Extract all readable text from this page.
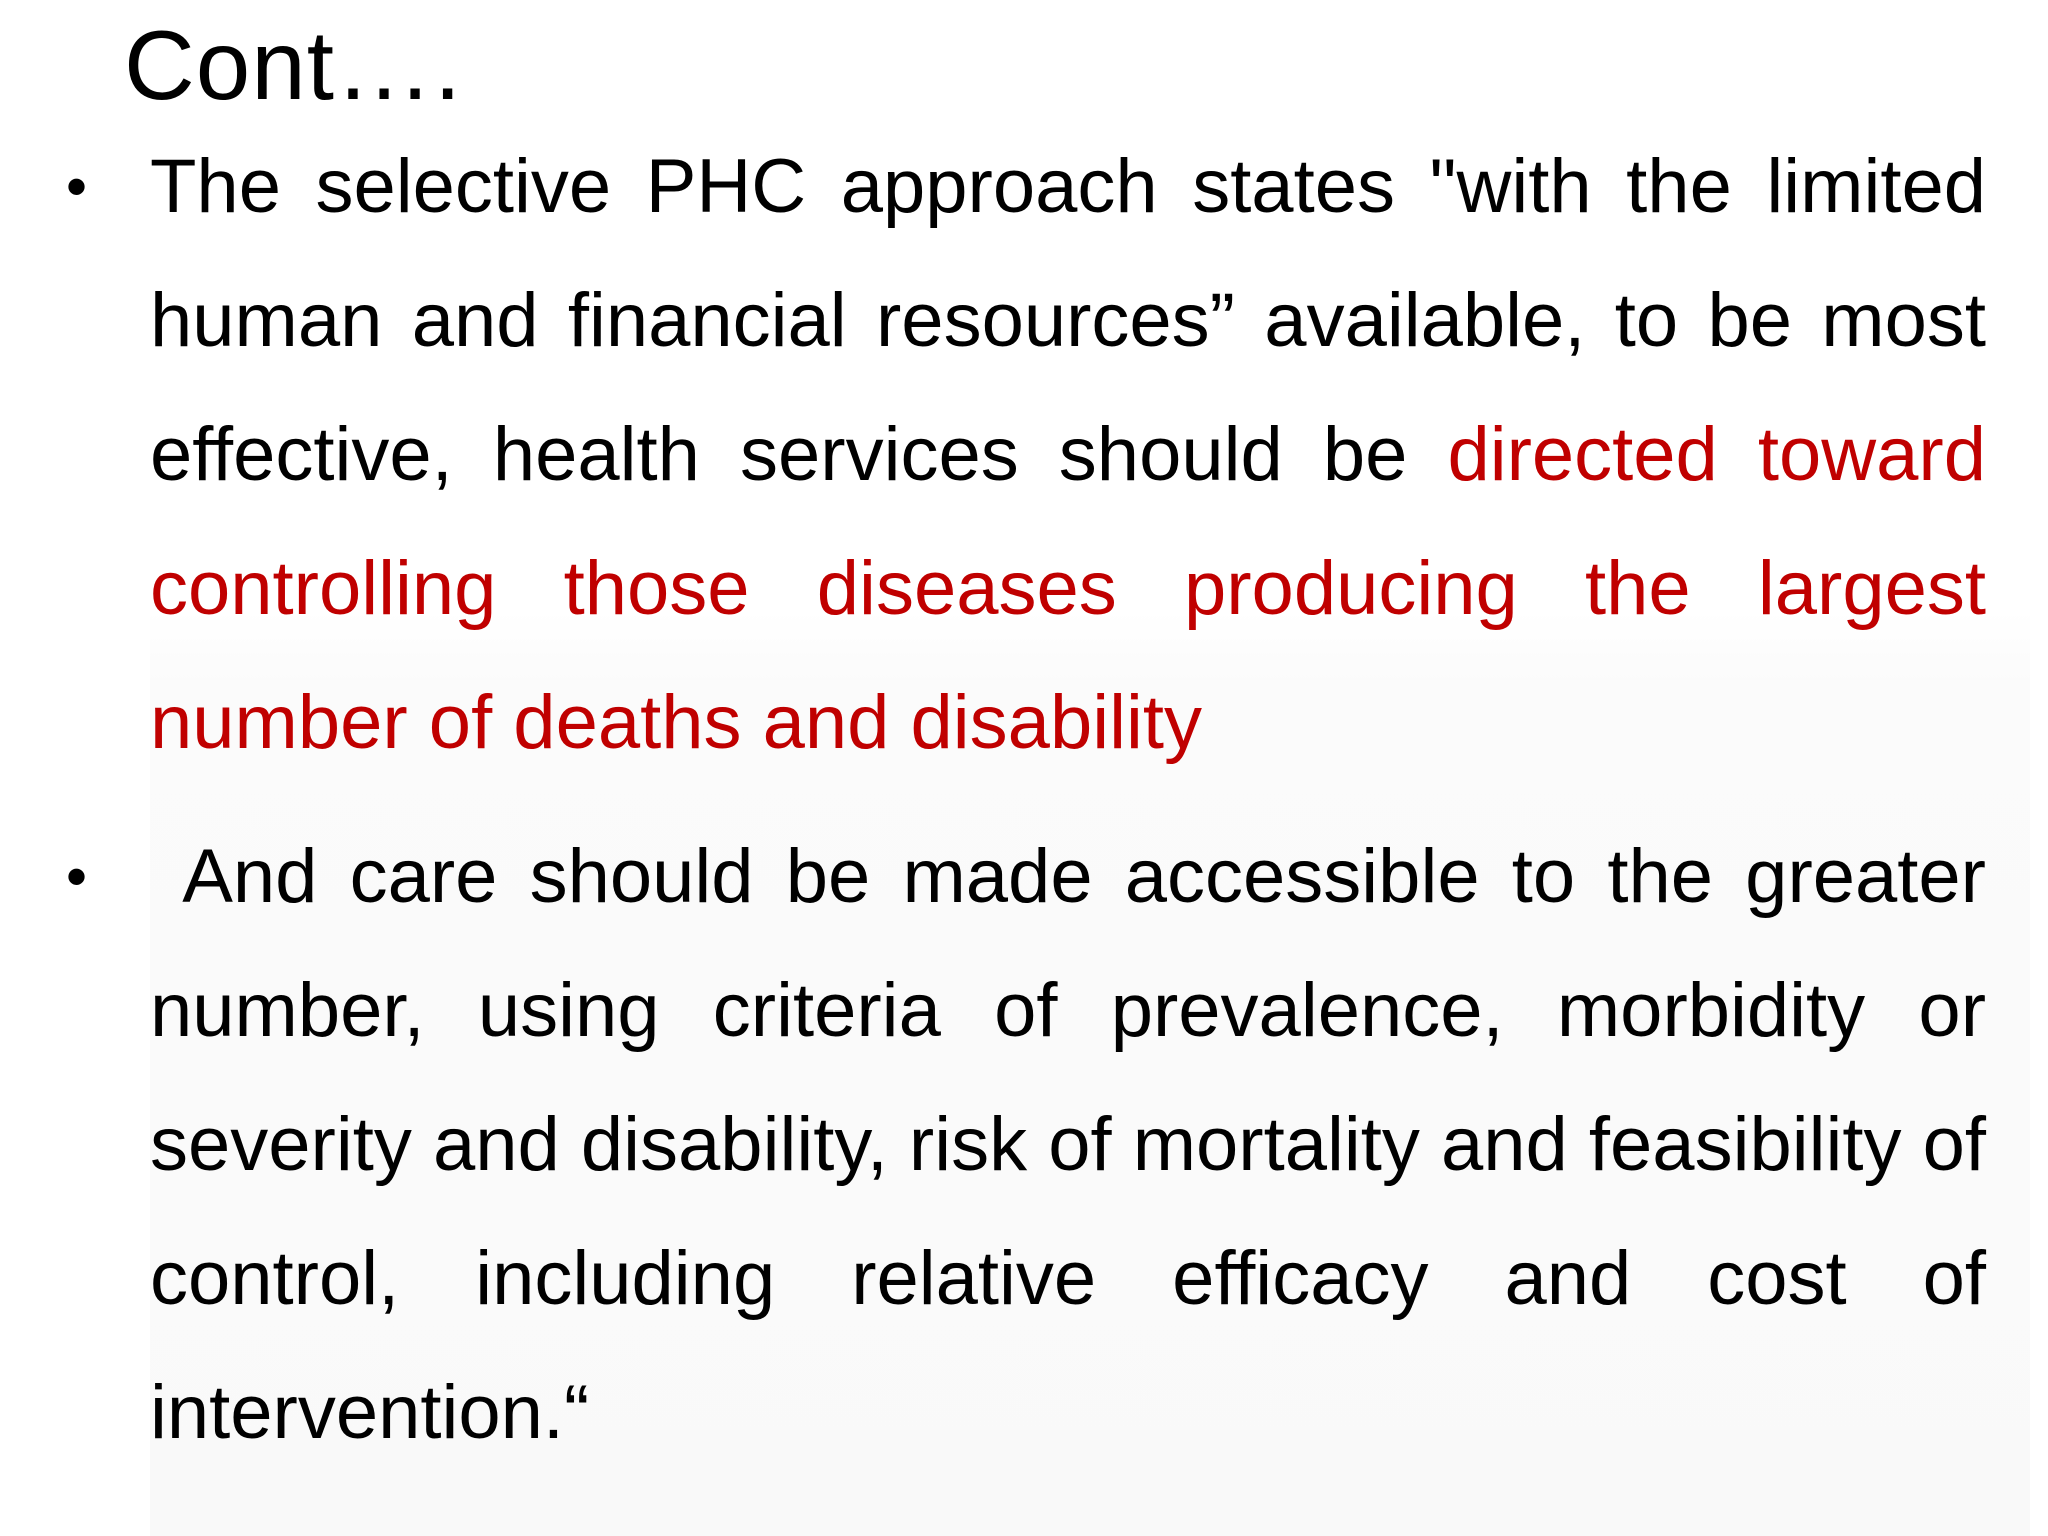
Cont….
• The selective PHC approach states "with the limited human and financial resources” available, to be most effective, health services should be directed toward controlling those diseases producing the largest number of deaths and disability
• And care should be made accessible to the greater number, using criteria of prevalence, morbidity or severity and disability, risk of mortality and feasibility of control, including relative efficacy and cost of intervention.“
